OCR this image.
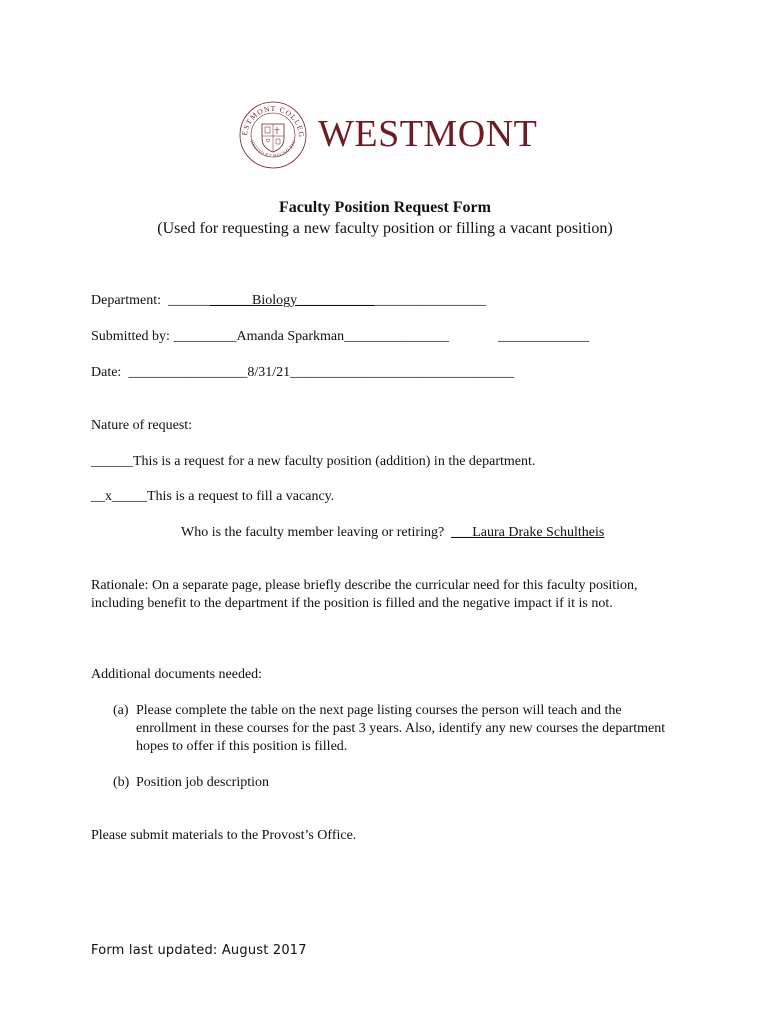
ESTMONT COLLEG
HRISTO ET REGNO EIU WESTMONT
Faculty Position Request Form
(Used for requesting a new faculty position or filling a vacant position)
Department: ____________Biology___________________________
Submitted by: _________Amanda Sparkman_______________	_____________
Date: _________________8/31/21________________________________
Nature of request:
______This is a request for a new faculty position (addition) in the department.
__x_____This is a request to fill a vacancy.
Who is the faculty member leaving or retiring? ___Laura Drake Schultheis
Rationale: On a separate page, please briefly describe the curricular need for this faculty position, including benefit to the department if the position is filled and the negative impact if it is not.
Additional documents needed:
(a) Please complete the table on the next page listing courses the person will teach and the enrollment in these courses for the past 3 years. Also, identify any new courses the department hopes to offer if this position is filled.
(b) Position job description
Please submit materials to the Provost’s Office.
Form last updated: August 2017
